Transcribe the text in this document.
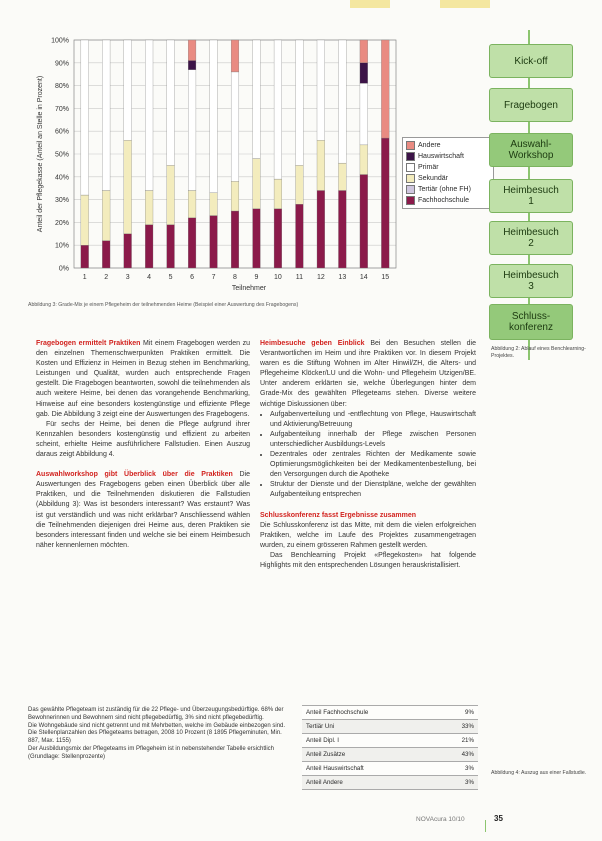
0%
10%
20%
30%
40%
50%
60%
70%
80%
90%
100%
Anteil der Pflegekasse (Anteil an Stelle in Prozent)
1	2	3	4	5	6	7	8	9 10 11 12 13 14 15
Teilnehmer
Andere
Hauswirtschaft
Primär
Sekundär
Tertiär (ohne FH)
Fachhochschule
Abbildung 3: Grade-Mix je einem Pflegeheim der teilnehmenden Heime (Beispiel einer Auswertung des Fragebogens)
Kick-off
Fragebogen
Auswahl-Workshop
Heimbesuch 1
Heimbesuch 2
Heimbesuch 3
Schluss-konferenz
Abbildung 2: Ablauf eines Benchlearning-Projektes.

Fragebogen ermittelt Praktiken Mit einem Fragebogen werden zu den einzelnen Themenschwerpunkten Praktiken ermittelt. Die Kosten und Effizienz in Heimen in Bezug stehen im Benchmarking, Leistungen und Qualität, wurden auch entsprechende Fragen gestellt. Die Fragebogen beantworten, sowohl die teilnehmenden als auch weitere Heime, bei denen das vorangehende Benchmarking, Hinweise auf eine besonders kostengünstige und effiziente Pflege gab. Die Abbildung 3 zeigt eine der Auswertungen des Fragebogens.

Für sechs der Heime, bei denen die Pflege aufgrund ihrer Kennzahlen besonders kostengünstig und effizient zu arbeiten scheint, erhielte Heime ausführlichere Fallstudien. Einen Auszug daraus zeigt Abbildung 4.

Auswahlworkshop gibt Überblick über die Praktiken Die Auswertungen des Fragebogens geben einen Überblick über alle Praktiken, und die Teilnehmenden diskutieren die Fallstudien (Abbildung 3): Was ist besonders interessant? Was erstaunt? Was ist gut verständlich und was nicht erklärbar? Anschliessend wählen die Teilnehmenden diejenigen drei Heime aus, deren Praktiken sie besonders interessant finden und welche sie bei einem Heimbesuch näher kennenlernen möchten.

Heimbesuche geben Einblick Bei den Besuchen stellen die Verantwortlichen im Heim und ihre Praktiken vor. In diesem Projekt waren es die Stiftung Wohnen im Alter Hinwil/ZH, die Alters- und Pflegeheime Klöcker/LU und die Wohn- und Pflegeheim Utzigen/BE. Unter anderem erklärten sie, welche Überlegungen hinter dem Grade-Mix des gewählten Pflegeteams stehen. Diverse weitere wichtige Diskussionen über:

• Aufgabenverteilung und -entflechtung von Pflege, Hauswirtschaft und Aktivierung/Betreuung
• Aufgabenteilung innerhalb der Pflege zwischen Personen unterschiedlicher Ausbildungs-Levels
• Dezentrales oder zentrales Richten der Medikamente sowie Optimierungsmöglichkeiten bei der Medikamentenbestellung, bei den Versorgungen durch die Apotheke
• Struktur der Dienste und der Dienstpläne, welche der gewählten Aufgabenteilung entsprechen

Schlusskonferenz fasst Ergebnisse zusammen

Die Schlusskonferenz ist das Mitte, mit dem die vielen erfolgreichen Praktiken, welche im Laufe des Projektes zusammengetragen wurden, zu einem grösseren Rahmen gestellt werden.

Das Benchlearning Projekt «Pflegekosten» hat folgende Highlights mit den entsprechenden Lösungen herauskristallisiert.

Das gewählte Pflegeteam ist zuständig für die 22 Pflege- und Überzeugungsbedürftige. 68% der Bewohnerinnen und Bewohnern sind nicht pflegebedürftig, 3% sind nicht pflegebedürftig.

Die Wohngebäude sind nicht getrennt und mit Mehrbetten, welche im Gebäude einbezogen sind.

Die Stellenplanzahlen des Pflegeteams betragen, 2008 10 Prozent (8 1895 Pflegeminuten, Min. 887, Max. 1155)

Der Ausbildungsmix der Pflegeteams im Pflegeheim ist in nebenstehender Tabelle ersichtlich (Grundlage: Stellenprozente)

Anteil Fachhochschule	9%
Tertiär Uni	33%
Anteil Dipl. I	21%
Anteil Zusätze	43%
Anteil Hauswirtschaft	3%
Anteil Andere	3%
Abbildung 4: Auszug aus einer Fallstudie.
NOVAcura 10/10	35
